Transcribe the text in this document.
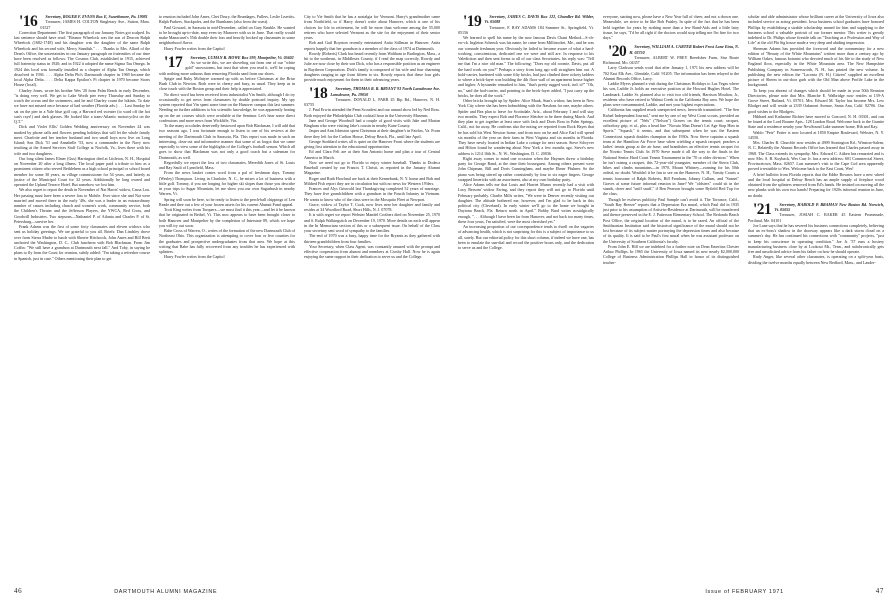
'16 Secretary, ROGER F. EVANS Box E, Swarthmore, Pa. 19081

Treasurer, JAMES H. COLTON Singletary Ave., Sutton, Mass. 01527

Correction Department: The first paragraph of our January Notes got scalped. Its last sentence should have read: "Eleanor Wheelock was the son of Deacon Ralph Wheelock (1682-1748) and his daughter was the daughter of the same Ralph Wheelock and his second wife, Mercy Standish." . . . Thanks to Mrs. Allard of the Dean's Office, the uncertainties in our January paragraph on fraternities of our time have been resolved as follows: The Cosmos Club, established in 1915, achieved full fraternity status in 1920; and in 1922 it adopted the name Sigma Tau Omega. In 1924 this local was formally installed as a chapter of Alpha Tau Omega, which dissolved in 1936. . . . Alpha Delta Phi's Dartmouth chapter in 1969 became the local Alpha Delta. . . . Delta Kappa Epsilon's Pi chapter in 1970 became Storrs House (local).

Charley Jones, wrote his brother Wes '20 from Palm Beach in early December, "is doing very well. We get to Lake Worth pier every Thursday and Sunday to watch the ocean and the swimmers, and he and Charley count the bikinis. To date we have not missed once because of bad weather (Florida adv.) . . . Last Sunday he sat on the pier in a Yale blue golf cap, a Harvard red sweater (to ward off the hot sun's rays!) and dark glasses. He looked like a trans-Atlantic motorcyclist on the Q.T."

Dick and Violet Ellis' Golden Wedding anniversary on November 24 was marked by phone calls and flowers pending holidays that will let the whole family meet. Charlotte and her teacher husband and two small boys now live on Long Island; Son Dick '51 and Annabelle '53, now a commander in the Navy now teaching at the Armed Services Staff College at Norfolk, Va., lives there with his wife and two daughters.

Our long silent James Elmer (Gus) Harrington died at Littleton, N. H., Hospital on November 20 after a long illness. The local paper paid a tribute to him as a prominent citizen who served Bethlehem as a high school principal or school board member for some 30 years, as village commissioner for 54 years, and latterly as justice of the Municipal Court for 32 years. Additionally he long owned and operated the Upland Terrace Hotel. But somehow we lost him.

We also regret to report the death in November of Nat Harris' widow, Cassa Lou. Her passing must have been a severe loss to Mobile. Ever since she and Nat were married and moved there in the early '40s, she was a leader in an extraordinary number of causes including church and women's work, community service, both the Children's Theater and the Jefferson Players, the YWCA, Red Cross, and Goodwill Industries. Two stepsons—Nathaniel P. of Atlanta and Charles P. of St. Petersburg—survive her.

Frank Adams was the first of some forty classmates and eleven widows who sent us holiday greetings. We are grateful to you all. Briefs: Dan Lindsley drove over from Sierra Madre to lunch with Sherrie Hitchcock, John Ames and Bill Brett anchored the Washington, D. C., Club luncheon with Bob Blackman. From Jim Coffin: "We still have a grandson at Dartmouth next fall." And Toby, in saying he plans to fly from the Coast for reunion, subtly added: "I'm taking a refresher course in Spanish, just in case." Others mentioning their plan to get

to reunion included John Ames, Chet Drury, the Brundages, Fullers, Leslie Leavitts, Ralph Parkers, Stackpoles, and the Burnhams (also from the coast).

Paul Goward, in Sarasota in mid-December, called on Gary Knuble. He wanted to be brought up-to-date, may even try Manover with us in June. That really would make Manacuset's 55th double their loss and heavily hocked up classmates in some neighborhood flavor.

Harry Fowler writes from the Capitol

'17 Secretary, LUMAN B. HOWE Box 599, Montpelier, Vt. 05602

As we write this, we are shoveling out from one of our "white gold" snowstorms, but trust that when you read it, we'll be coping with nothing more arduous than removing Florida sand from our shoes.

Spigie and Ruby McIntyre warmed up with us before Christmas at the Briar Bush Club in Newton. Both were in cheery and busy, as usual. They keep us in close touch with the Boston group and their help is appreciated.

No direct word has been received from industrialist Vin Smith, although I do try occasionally to get news from classmates by double postcard inquiry. My spy system reported that Vin spent some time on the Hanover campus this last summer. Needing no further additions to his scientific knowledge, he was apparently honing up on the art courses which were available at the Seminar. Let's hear some direct confessions and more news from Wickliffe, Vin.

To the many accolades deservedly bestowed upon Bob Blackman, I will add that two seasons ago, I was fortunate enough to listen to one of his reviews at the meeting of the Dartmouth Club in Sarasota, Fla. This report was made in such an interesting, clear-cut and informative manner that some of us forgot that we came especially to view some of the highlights of the College's football season. Which all goes to show that Blackman was not only a good coach but a salesman for Dartmouth, as well.

Regretfully we report the loss of two classmates, Meredith Jones of St. Louis and Ray Sault of Lynnfield, Mass.

From the news basket comes word from a pal of freshman days, Tommy (Wesley) Thompson. Living in Charlotte, N. C., he mixes a lot of business with a little golf. Tommy, if you are longing for higher ski slopes than those you describe in your trips to Sugar Mountain, let me show you our own Sugarbush in nearby Warren, Vt.

Spring will soon be here, so be ready to listen to the perch-ball chippings of Len Reade and thee out a few of your frozen assets for his current Alumni Fund appeal.

Trott King writes from Torquers—we must find it this year—and let it be known that he originated in Bethel, Vt. This now appears to have been brought closer to both Hanover and Montpelier by the completion of Interstate 89, which we hope you will try out soon.

Babe Cross of Warren, O., writes of the formation of the new Dartmouth Club of Northeast Ohio. This organization is attempting to cover four or five counties for the graduates and prospective undergraduates from that area. We hope at this writing that Babe has fully recovered from any troubles he has experienced with splinters.

Harry Fowler writes from the Capitol

City to Vie Smith that he has a nostalgia for Vermont. Harry's grandmother came from Northfield, so if Harry doesn't write about Hanover, which is one of his choices for life in retirement, he will be more than welcome among the 55,000 retirees who have selected Vermont as the site for the enjoyment of their senior years.

Bob and Gail Boynton recently entertained Anita Stillman in Hanover. Anita reports happily that her grandson is a member of the class of 1974 at Dartmouth.

Rowdy (Roberts) Clark has heard recently from Waltham to Burlington, Mass., a bit to the northeast, in Middlesex County, if I read the map correctly. Rowdy and Julie are now close by their son Dick, who has a responsible position as an engineer in Raytheon Corporation. Dick's family is composed of his wife and four charming daughters ranging in age from fifteen to six. Rowdy reports that these four girls provide much enjoyment for them in their advancing years.

'18 Secretary, THOMAS R. R. BRYANT 93 North Lansdowne Ave. Lansdowne, Pa. 19050

Treasurer, DONALD L. PARR 45 Rip Rd., Hanover, N. H. 03755

J. Paul Erwin attended the Penn Scoutfest and our annual show led by Ned Ross. Both enjoyed the Philadelphia Club cocktail hour in the University Museum.

Jane and George Woodruff had a couple of good visits with Jake and Marian Bingham who were visiting Jake's cousin in nearby Kane County.

Jasper and Ann Johnston spent Christmas at their daughter's in Fairfax, Va. From there they left for the Carlton House, Delray Beach, Fla., until late April.

George Stoddard writes all is quiet on the Hanover Front where the students are giving first attention to the educational opportunities.

Ed and Clara Felt are at their San Antonio home and plan a tour of Central America in March.

Now we need not go to Florida to enjoy winter baseball. Thanks to Dodeca Baseball created by our Francis T. Christi, as reported in the January Alumni Magazine.

Roger and Ruth Howland are back at their Kennebunk, N. Y. home and Bob and Mildred Fish report they are in circulation but with no news for Western 19'ders.

Frances and Alys Griswold last Thanksgiving completed 52 years of marriage. They have five grandchildren with a grandson in the Fourth Infantry in Vietnam. He wants to know who of the class were in the Mosquito Fleet at Newport.

Grace, widow of Taylor T. Cook, now lives near her daughter and family and resides at 34 Woodford Road, Short Hills, N. J. 07078.

It is with regret we report Webster Mandel Crothers died on November 25, 1970 and S. Ralph Walkingstick on December 19, 1970. More details on each will appear in the In Memoriam section of this or a subsequent issue. On behalf of the Class your secretary sent word of sympathy to the families.

The end of 1970 was a busy, happy time for the Bryants as they gathered with thirteen grandchildren from four families.

Your Secretary, when Class Agent, was constantly amazed with the prompt and effective cooperation from alumni and members at Crosby Hall. Now he is again enjoying the same rapport in their dedication to serve us and the College.

46	DARTMOUTH ALUMNI MAGAZINE

'19 Secretary, JAMES C. DAVIS Box 122, Chandler Rd. Wilder, Vt. 05088

Treasurer, F. RAY ADAMS 184 Summer St., Springfield, Vt. 05156

We learned to spell his name by the now famous Davis Chant Method—S-ch-ew-ck. Ingleton Schenck was his name, he came from Millinocket, Me., and he was our comrade freshman year. Obviously he failed to become aware of what a hard-working, conscientious, dedicated one we were and still are. In response to his Valediction and then sent forms to all of our class Secretaries, his reply was: "Tell me that I'm a nice old man." The following: "Does my old roomie, Davis, put all the hard work on you?" Perhaps a story from long ago will straighten him out. A bold-carrier, burdened with some fifty bricks, had just climbed three rickety ladders to where a brick-layer was building the 4th floor wall of an apartment house higher and higher. A bystander remarked to him, "that's pretty rugged work, isn't it?" "Oh, no," said the hod-carrier, and pointing to the brick-layer added, "I just carry up the bricks, he does all the work."

Other bricks brought up by Spider: Alice Mauk, Stan's widow, has been in New York City where she has been hobnobbing with the Nasdons for one, maybe others. Spider and Bea plan to leave for Scottsdale, Ariz., about February 1 and will stay two months. They expect Bob and Florence Sletcher to be there during March. And they plan to get together at least once with Jack and Doris Ross in Palm Springs, Calif., not far away. He confirms also the noting we reported from Rock Hayes that he has sold his West Newton home, and from now on he and Alice Earl will spend six months of the year on their farm in West Virginia and six months in Florida. They have newly located in Indian Lake a cottage for next season. Steve Schryver and Hilton found he wandering about New York a few months ago. Steve's new address is 1214 16th St., N. W., Washington, D. C. 20036.

Right away comes to mind one occasion when the Haynses threw a birthday party for George Rand, at the time their houseguest. Among others present were John Chipman, Bill and Doris Cunningham, and maybe Elmer Pfuhner. So the piano was being stirred up rather consistently by four to six eager fingers. George swapped limericks with an assortment, also at my own birthday party.

Alice Adams tells me that Louis and Harriet Munro recently had a visit with Lucy Bersom' widow Ewing, and they report they will not go to Florida until February probably. Charlie Mills writes, "We were in Denver recently visiting our daughter. The altitude bothered me, however, and I'm glad to be back in this political city (Cleveland). In early winter we'll go to the home we bought in Daytona Beach, Fla. Return north in April." Bobby Bard writes nostalgically enough, ". . . Although I have been far from Hanover, and not back too many times, these four years, I'm satisfied, were the most cherished yet."

An increasing proportion of our correspondence tends to dwell on the vagaries of advancing health, which is not surprising for this is a subject of importance to us all, surely. But our editorial policy for this short column, if indeed we have one, has been to emulate the sun-dial and record the positive hours only, and the dedication to serve us and the College.

everyone, starting now, please have a New Year full of cheer, and not a drown one. Meanwhile, we strive to be like Bob Paisley. In spite of the fact that he has been held together for years by nothing more than a few Band-Aids and a little fairy tissue, he says, "I'd be all right if the doctors would stop telling me I'm fine for two days."

'20 Secretary, WILLIAM A. CARTER Robert Frost Lane Etna, N. H. 03750

Treasurer, ALBERT W. FREY Beerdsbes Farm, Star Route Richmond, Mo. 04357

Larry Clarkson sends word that after January 1, 1971 his new address will be 702 East Elk Ave., Glendale, Calif. 91205. The information has been relayed to the Alumni Records Office, Larry.

Laddie Myers planned a visit during the Christmas Holidays to Las Vegas where his son, Laddie Jr. holds an executive position at the Howard Hughes Hotel, The Landmark. Laddie Sr. planned also to visit two old friends, Harrison Moulton, Jr., residents who have retired to Walnut Creek in the California Bay area. We hope the plans were consummated, Laddie, and met your highest expectations.

California has supplied much unexpected news, herewith transmitted. "The Sen Rafael Independent Journal," sent me by one of my West Coast scouts, provided an excellent picture of "Nels" ("Nelson") Graves on the tennis court; racquet, orthodoxy grip, et al., plus a head line "Novato Man Doesn't Let Age Stop Him in Sports." "Squash," it seems, and that subsequent when he was the Eastern Connecticut squash doubles champion in the 1930s. Now Steve captains a squash team at the Hamilton Air Force base when wielding a squash racquet; peaches a ladies' tennis group at the air base; and brandishes an effective tennis racquet for the Novato Tennis Club. In 1970 Steve made it all the way to the finals in the National Senior Hard Court Tennis Tournament in the '70 or older division." When he isn't raising a racquet, this 72-year-old youngster, member of the Sierra Club, hikes and climbs mountains—in 1970, Mount Whitney—running for his 50th ordeal, no doubt. Wouldn't it be fun to see on the Hanover, N. H., Varsity Courts a tennis foursome of Ralph Roberts, Bill Farnham, Johnny Cullum, and "Sunset" Graves at some future informal reunion in June? We "oldsters" could sit in the stands, cheer and "sniff snuff," if Ben Pearson brought some Byfield Red Top for the class.

Though he eschews publicity Paul Sample can't avoid it. The Torrance, Calif., "South Bay Breeze" reports that a Depression Era mural, which Paul did in 1935 just prior to his assumption of Artist-in-Residence at Dartmouth, will be transferred and thence preserved in the E. J. Patterson Elementary School. The Redondo Beach Post Office, the original location of the mural, is to be razed. An official of the Smithsonian Institution said the historical significance of the mural should not be lost because of its subject matter portraying the depression times and also because of its quality. It is said to be Paul's first mural when he was assistant professor on the University of Southern California's faculty.

From John E. Hill we are indebted for a further note on Dean Emeritus Chester Arthur Phillips. In 1965 the University of Iowa named its new nearly $2,000,000 College of Business Administration Phillips Hall in honor of its distinguished teacher-

scholar and able administrator whose brilliant career at the University of Iowa also included service as acting president. Iowa business school graduates have honored Phillips by establishing a sizable scholarship named for him and supplying to the business school a valuable portrait of our former mentor. This writer is greatly indebted to Dr. Philips whose fireside talk on "Teaching as a Profession and Way of Life" at the old Phi Sig house made a very deep and abiding impression.

Sherman Adams has provided the foreword and the commentary for a new edition of "Beauty of the White Mountains" written more than a century ago by William Oakes, famous botanist who devoted much of his life to the study of New England flora, especially in the White Mountain area. The New Hampshire Publishing Company in Somersworth, N. H., has printed the new volume. In publishing the new edition the "Laconia (N. H.) Citizen" supplied an excellent picture of Sherm in out-door garb with the Old Man above Profile Lake in the background.

To keep you abreast of changes which should be made in your 50th Reunion Directories, please note that Mrs. Blanche E. Walbridge now resides at 139-A Grove Street, Rutland, Vt. 05701; Mrs. Edward M. Taylor has become Mrs. Lew Blodget and will reside at 2339 Oakmont Avenue, Santa Ana, Calif. 92706. Our good wishes to the Blodgets.

Hibbard and Katharine Richter have moved to Concord, N. H. 03301, and can be found at the Lord Bourne Apts., 128 London Road. Welcome back to the Granite State and a residence nearby your NewSound Lake summer home, Hib and Kay.

Waldo "Pete" Potter is now located at 1850 Empire Boulevard, Webster, N. Y. 14550.

Mrs. Charles R. Churchle now resides at 4909 Stonington Rd., Winston-Salem, N. C. Belatedly the Alumni Records Office has learned that Charles passed away in 1968. The Class extends its sympathy. Mrs. Edward C. Aitken has remarried and is now Mrs. S. B. Kuyback, Wes Curr Jr. has a new address: 601 Commercial Street, Provincetown, Mass. 02657. Last summer's visit to the Cape Cod area apparently proved irresistible to Wes. Welcome back to the East Coast, Wes!

A brief bulletin from Florida reports that the Eddie Bownes have a new wheel and the local hospital at Delray Beach has an ample supply of fireplace wood obtained from the splinters removed from Ed's hands. He insisted on moving all the new planks with his own two hands! Preparing for 1920s informal reunion in June, no doubt.

'21 Secretary, HAROLD P. BRAMAN New Boston Rd. Norwich, Vt. 05055

Treasurer, JOSIAH C. BAKER 45 Eastern Promenade, Portland, Me. 04101

Joe Lane says that he has severed his business connections completely, believing that an ex-boss's shadow in the doorway appears like a dark storm cloud on a summer's day. He has continued his connections with "community" projects, "just to keep his conscience in operating condition." Joe Jr. '57 runs a hosiery manufacturing business close by at Lookout Mt., Tenn., and subchronically gets free and unsolicited advice from his father on how he should operate.

Rudy Anger, like several other classmates, is operating on a split-year basis, dividing the twelve months equally between New Bedford, Mass., and Lauder-

Issue of FEBRUARY 1971	47
